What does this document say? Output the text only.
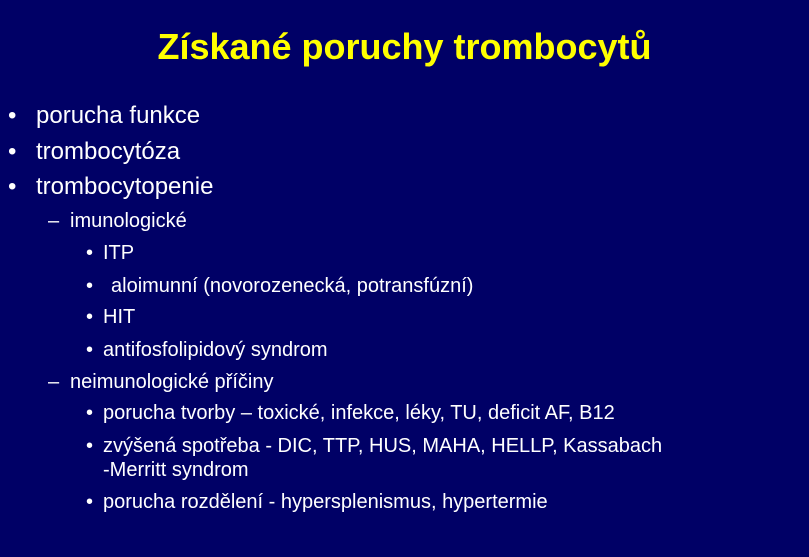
Získané poruchy trombocytů
• porucha funkce
• trombocytóza
• trombocytopenie
– imunologické
• ITP
• aloimunní (novorozenecká, potransfúzní)
• HIT
• antifosfolipidový syndrom
– neimunologické příčiny
• porucha tvorby – toxické, infekce, léky, TU, deficit AF, B12
• zvýšená spotřeba - DIC, TTP, HUS, MAHA, HELLP, Kassabach
-Merritt syndrom
• porucha rozdělení - hypersplenismus, hypertermie
